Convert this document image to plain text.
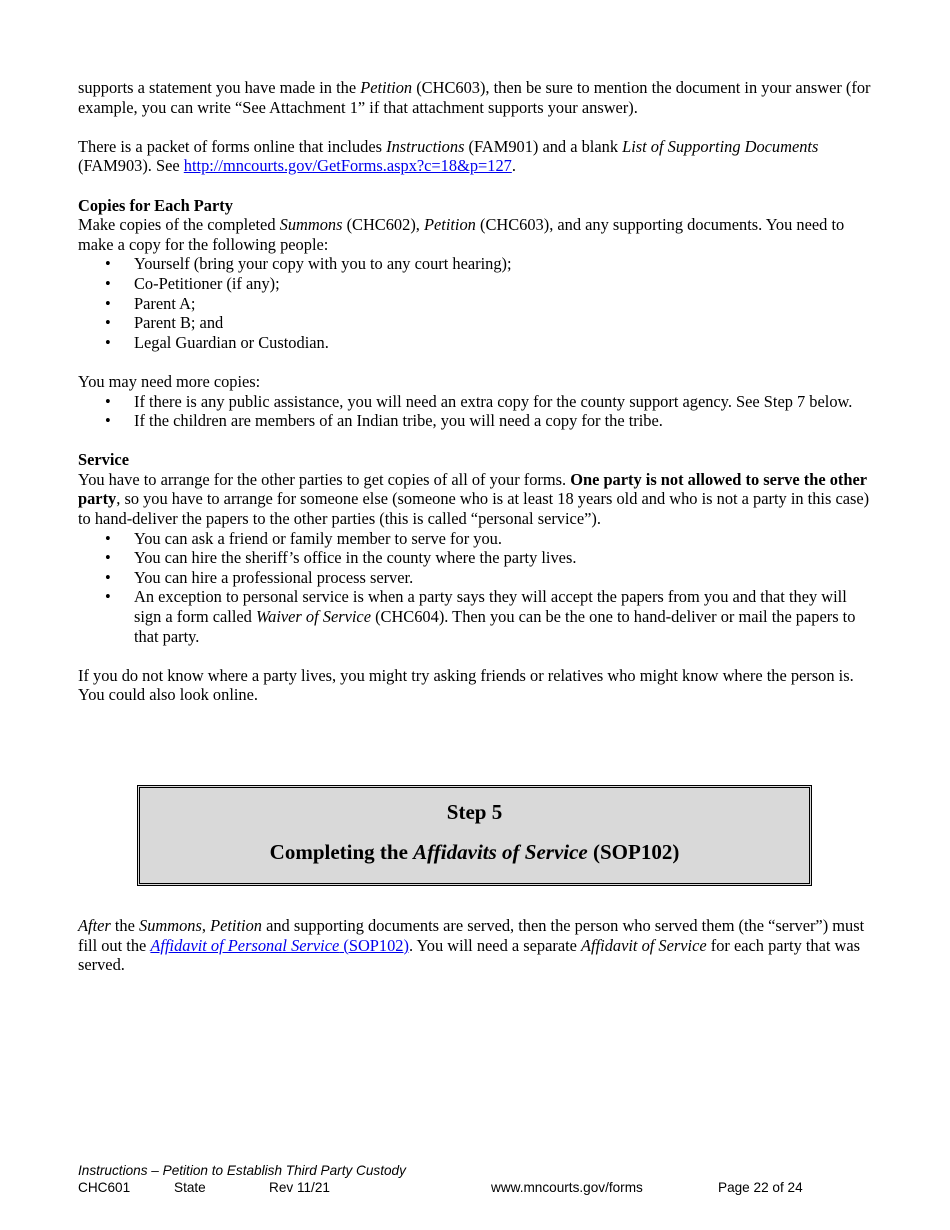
supports a statement you have made in the Petition (CHC603), then be sure to mention the document in your answer (for example, you can write “See Attachment 1” if that attachment supports your answer).

There is a packet of forms online that includes Instructions (FAM901) and a blank List of Supporting Documents (FAM903). See http://mncourts.gov/GetForms.aspx?c=18&p=127.

Copies for Each Party

Make copies of the completed Summons (CHC602), Petition (CHC603), and any supporting documents. You need to make a copy for the following people:

• Yourself (bring your copy with you to any court hearing);
• Co-Petitioner (if any);
• Parent A;
• Parent B; and
• Legal Guardian or Custodian.

You may need more copies:

• If there is any public assistance, you will need an extra copy for the county support agency. See Step 7 below.
• If the children are members of an Indian tribe, you will need a copy for the tribe.

Service

You have to arrange for the other parties to get copies of all of your forms. One party is not allowed to serve the other party, so you have to arrange for someone else (someone who is at least 18 years old and who is not a party in this case) to hand-deliver the papers to the other parties (this is called “personal service”).

• You can ask a friend or family member to serve for you.
• You can hire the sheriff’s office in the county where the party lives.
• You can hire a professional process server.
• An exception to personal service is when a party says they will accept the papers from you and that they will sign a form called Waiver of Service (CHC604). Then you can be the one to hand-deliver or mail the papers to that party.

If you do not know where a party lives, you might try asking friends or relatives who might know where the person is. You could also look online.

Step 5
Completing the Affidavits of Service (SOP102)

After the Summons, Petition and supporting documents are served, then the person who served them (the “server”) must fill out the Affidavit of Personal Service (SOP102). You will need a separate Affidavit of Service for each party that was served.

Instructions – Petition to Establish Third Party Custody
CHC601	State	Rev 11/21	www.mncourts.gov/forms	Page 22 of 24
